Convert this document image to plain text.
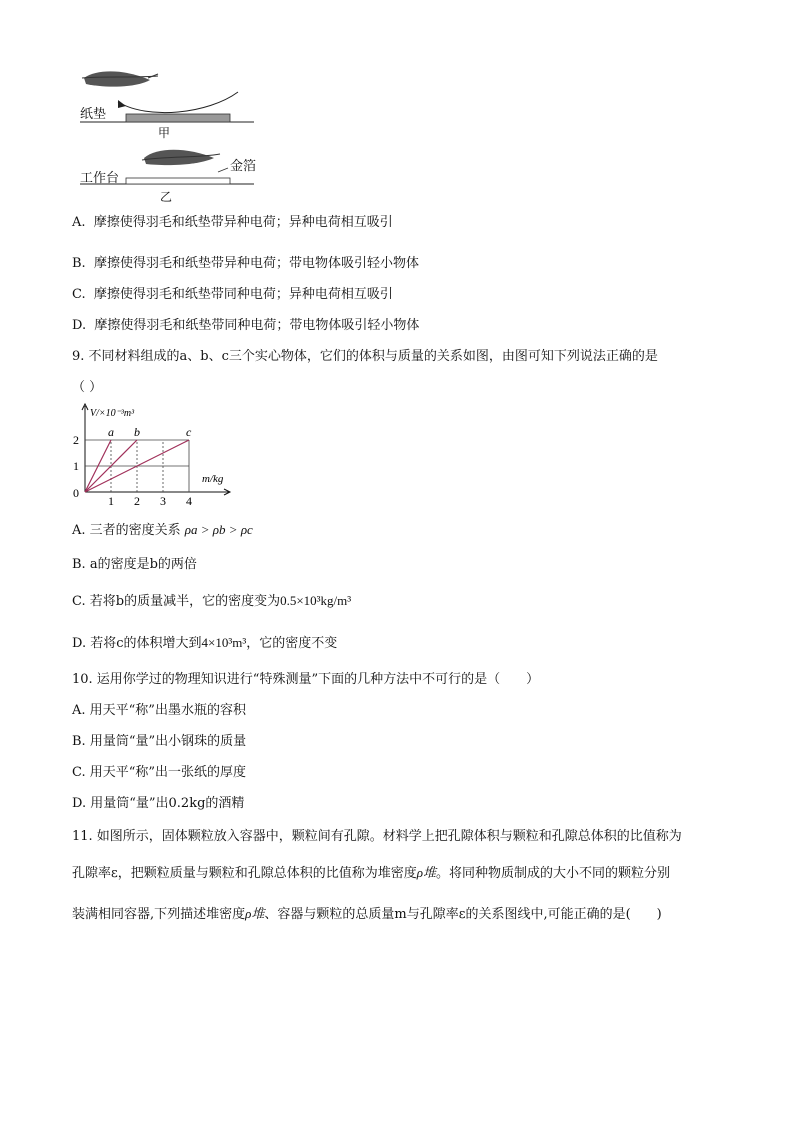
纸垫
甲
工作台
金箔
乙
A. 摩擦使得羽毛和纸垫带异种电荷；异种电荷相互吸引
B. 摩擦使得羽毛和纸垫带异种电荷；带电物体吸引轻小物体
C. 摩擦使得羽毛和纸垫带同种电荷；异种电荷相互吸引
D. 摩擦使得羽毛和纸垫带同种电荷；带电物体吸引轻小物体
9. 不同材料组成的a、b、c三个实心物体，它们的体积与质量的关系如图，由图可知下列说法正确的是
（ ）
V/×10⁻³m³
m/kg
0
a b	c
1 2 3 4
1
2
A. 三者的密度关系 ρa > ρb > ρc
B. a的密度是b的两倍
C. 若将b的质量减半，它的密度变为0.5×10³kg/m³
D. 若将c的体积增大到4×10³m³，它的密度不变
10. 运用你学过的物理知识进行“特殊测量”下面的几种方法中不可行的是（　　）
A. 用天平“称”出墨水瓶的容积
B. 用量筒“量”出小钢珠的质量
C. 用天平“称”出一张纸的厚度
D. 用量筒“量”出0.2kg的酒精
11. 如图所示，固体颗粒放入容器中，颗粒间有孔隙。材料学上把孔隙体积与颗粒和孔隙总体积的比值称为
孔隙率ε，把颗粒质量与颗粒和孔隙总体积的比值称为堆密度ρ堆。将同种物质制成的大小不同的颗粒分别
装满相同容器,下列描述堆密度ρ堆、容器与颗粒的总质量m与孔隙率ε的关系图线中,可能正确的是(　　)
